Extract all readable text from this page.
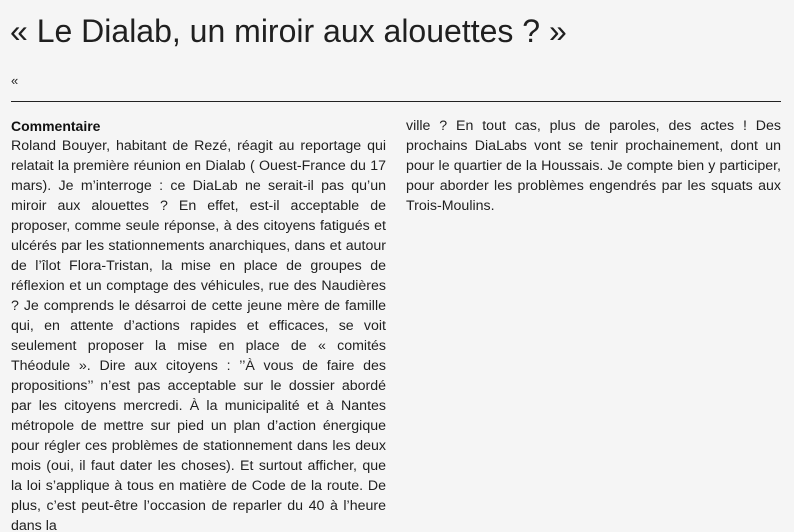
« Le Dialab, un miroir aux alouettes ? »
«
Commentaire

Roland Bouyer, habitant de Rezé, réagit au reportage qui relatait la première réunion en Dialab ( Ouest-France du 17 mars). Je m’interroge : ce DiaLab ne serait-il pas qu’un miroir aux alouettes ? En effet, est-il acceptable de proposer, comme seule réponse, à des citoyens fatigués et ulcérés par les stationnements anarchiques, dans et autour de l’îlot Flora-Tristan, la mise en place de groupes de réflexion et un comptage des véhicules, rue des Naudières ? Je comprends le désarroi de cette jeune mère de famille qui, en attente d’actions rapides et efficaces, se voit seulement proposer la mise en place de « comités Théodule ». Dire aux citoyens : ’’À vous de faire des propositions’’ n’est pas acceptable sur le dossier abordé par les citoyens mercredi. À la municipalité et à Nantes métropole de mettre sur pied un plan d’action énergique pour régler ces problèmes de stationnement dans les deux mois (oui, il faut dater les choses). Et surtout afficher, que la loi s’applique à tous en matière de Code de la route. De plus, c’est peut-être l’occasion de reparler du 40 à l’heure dans la

ville ? En tout cas, plus de paroles, des actes ! Des prochains DiaLabs vont se tenir prochainement, dont un pour le quartier de la Houssais. Je compte bien y participer, pour aborder les problèmes engendrés par les squats aux Trois-Moulins.
